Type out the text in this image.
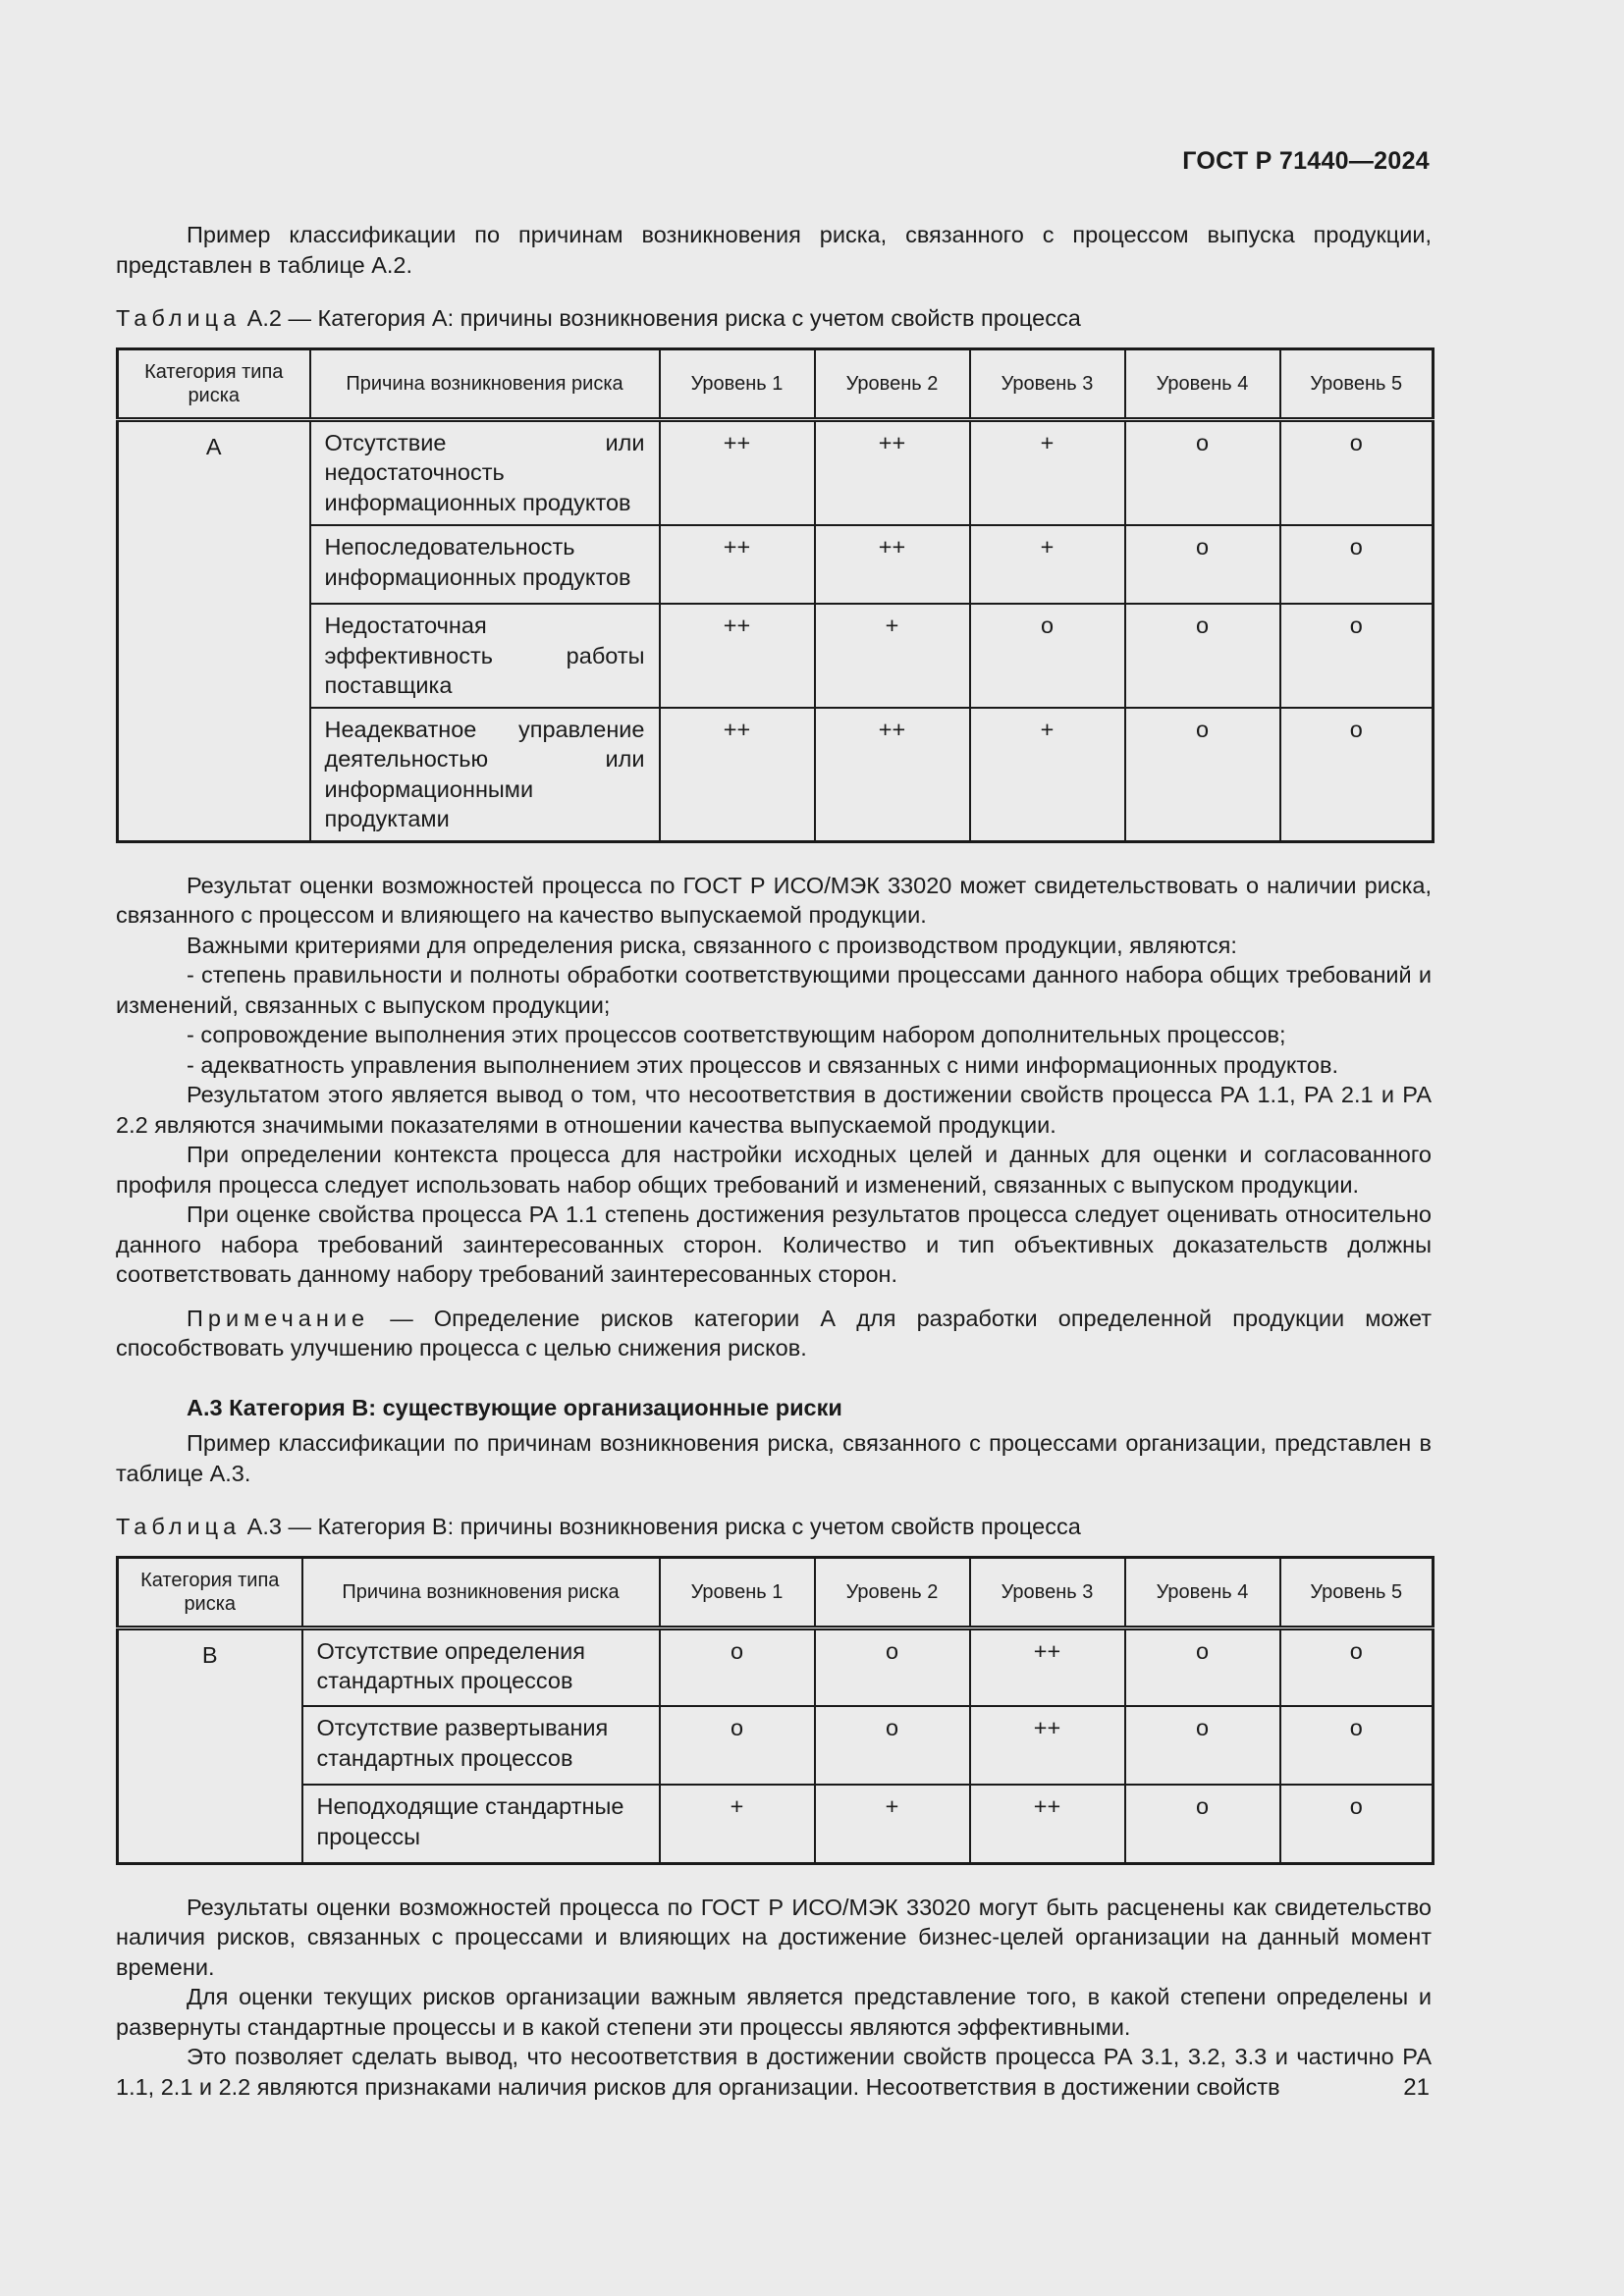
ГОСТ Р 71440—2024

Пример классификации по причинам возникновения риска, связанного с процессом выпуска продукции, представлен в таблице А.2.

Таблица А.2 — Категория А: причины возникновения риска с учетом свойств процесса

Категория типа риска	Причина возникновения риска	Уровень 1	Уровень 2	Уровень 3	Уровень 4	Уровень 5
А	Отсутствие или недостаточность информационных продуктов	++	++	+	о	о
	Непоследовательность информационных продуктов	++	++	+	о	о
	Недостаточная эффективность работы поставщика	++	+	о	о	о
	Неадекватное управление деятельностью или информационными продуктами	++	++	+	о	о

Результат оценки возможностей процесса по ГОСТ Р ИСО/МЭК 33020 может свидетельствовать о наличии риска, связанного с процессом и влияющего на качество выпускаемой продукции.

Важными критериями для определения риска, связанного с производством продукции, являются:

- степень правильности и полноты обработки соответствующими процессами данного набора общих требований и изменений, связанных с выпуском продукции;

- сопровождение выполнения этих процессов соответствующим набором дополнительных процессов;

- адекватность управления выполнением этих процессов и связанных с ними информационных продуктов.

Результатом этого является вывод о том, что несоответствия в достижении свойств процесса РА 1.1, РА 2.1 и РА 2.2 являются значимыми показателями в отношении качества выпускаемой продукции.

При определении контекста процесса для настройки исходных целей и данных для оценки и согласованного профиля процесса следует использовать набор общих требований и изменений, связанных с выпуском продукции.

При оценке свойства процесса РА 1.1 степень достижения результатов процесса следует оценивать относительно данного набора требований заинтересованных сторон. Количество и тип объективных доказательств должны соответствовать данному набору требований заинтересованных сторон.

Примечание — Определение рисков категории А для разработки определенной продукции может способствовать улучшению процесса с целью снижения рисков.

А.3 Категория В: существующие организационные риски

Пример классификации по причинам возникновения риска, связанного с процессами организации, представлен в таблице А.3.

Таблица А.3 — Категория В: причины возникновения риска с учетом свойств процесса

Категория типа риска	Причина возникновения риска	Уровень 1	Уровень 2	Уровень 3	Уровень 4	Уровень 5
В	Отсутствие определения стандартных процессов	о	о	++	о	о
	Отсутствие развертывания стандартных процессов	о	о	++	о	о
	Неподходящие стандартные процессы	+	+	++	о	о

Результаты оценки возможностей процесса по ГОСТ Р ИСО/МЭК 33020 могут быть расценены как свидетельство наличия рисков, связанных с процессами и влияющих на достижение бизнес-целей организации на данный момент времени.

Для оценки текущих рисков организации важным является представление того, в какой степени определены и развернуты стандартные процессы и в какой степени эти процессы являются эффективными.

Это позволяет сделать вывод, что несоответствия в достижении свойств процесса РА 3.1, 3.2, 3.3 и частично РА 1.1, 2.1 и 2.2 являются признаками наличия рисков для организации. Несоответствия в достижении свойств	21
